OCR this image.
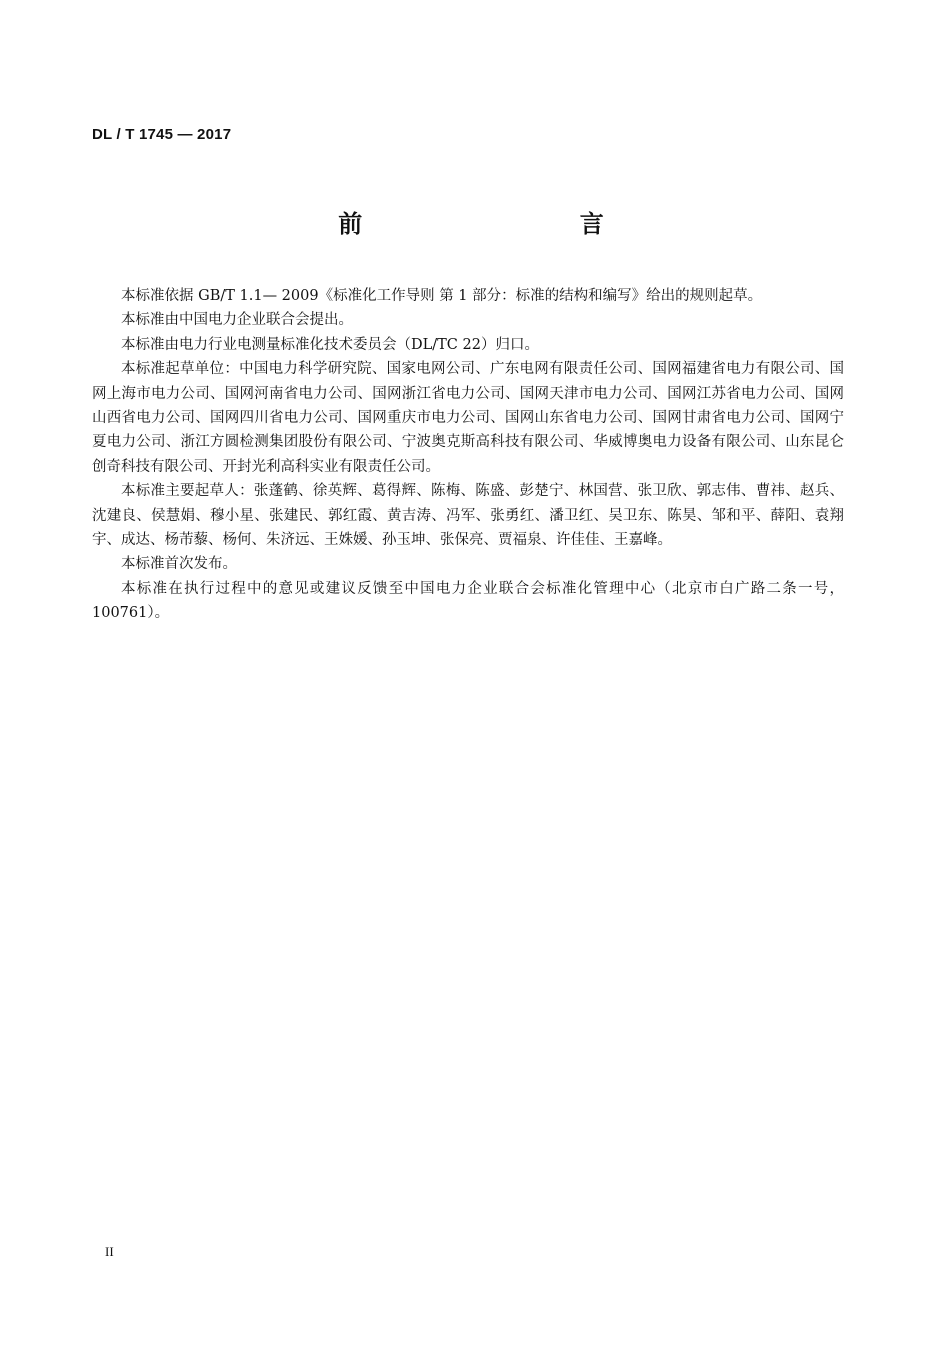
DL / T 1745 — 2017
前    言

本标准依据 GB/T 1.1— 2009《标准化工作导则 第 1 部分：标准的结构和编写》给出的规则起草。

本标准由中国电力企业联合会提出。

本标准由电力行业电测量标准化技术委员会（DL/TC 22）归口。

本标准起草单位：中国电力科学研究院、国家电网公司、广东电网有限责任公司、国网福建省电力有限公司、国网上海市电力公司、国网河南省电力公司、国网浙江省电力公司、国网天津市电力公司、国网江苏省电力公司、国网山西省电力公司、国网四川省电力公司、国网重庆市电力公司、国网山东省电力公司、国网甘肃省电力公司、国网宁夏电力公司、浙江方圆检测集团股份有限公司、宁波奥克斯高科技有限公司、华威博奥电力设备有限公司、山东昆仑创奇科技有限公司、开封光利高科实业有限责任公司。

本标准主要起草人：张蓬鹤、徐英辉、葛得辉、陈梅、陈盛、彭楚宁、林国营、张卫欣、郭志伟、曹祎、赵兵、沈建良、侯慧娟、穆小星、张建民、郭红霞、黄吉涛、冯军、张勇红、潘卫红、吴卫东、陈昊、邹和平、薛阳、袁翔宇、成达、杨芾藜、杨何、朱济远、王姝媛、孙玉坤、张保亮、贾福泉、许佳佳、王嘉峰。

本标准首次发布。

本标准在执行过程中的意见或建议反馈至中国电力企业联合会标准化管理中心（北京市白广路二条一号，100761）。

II
